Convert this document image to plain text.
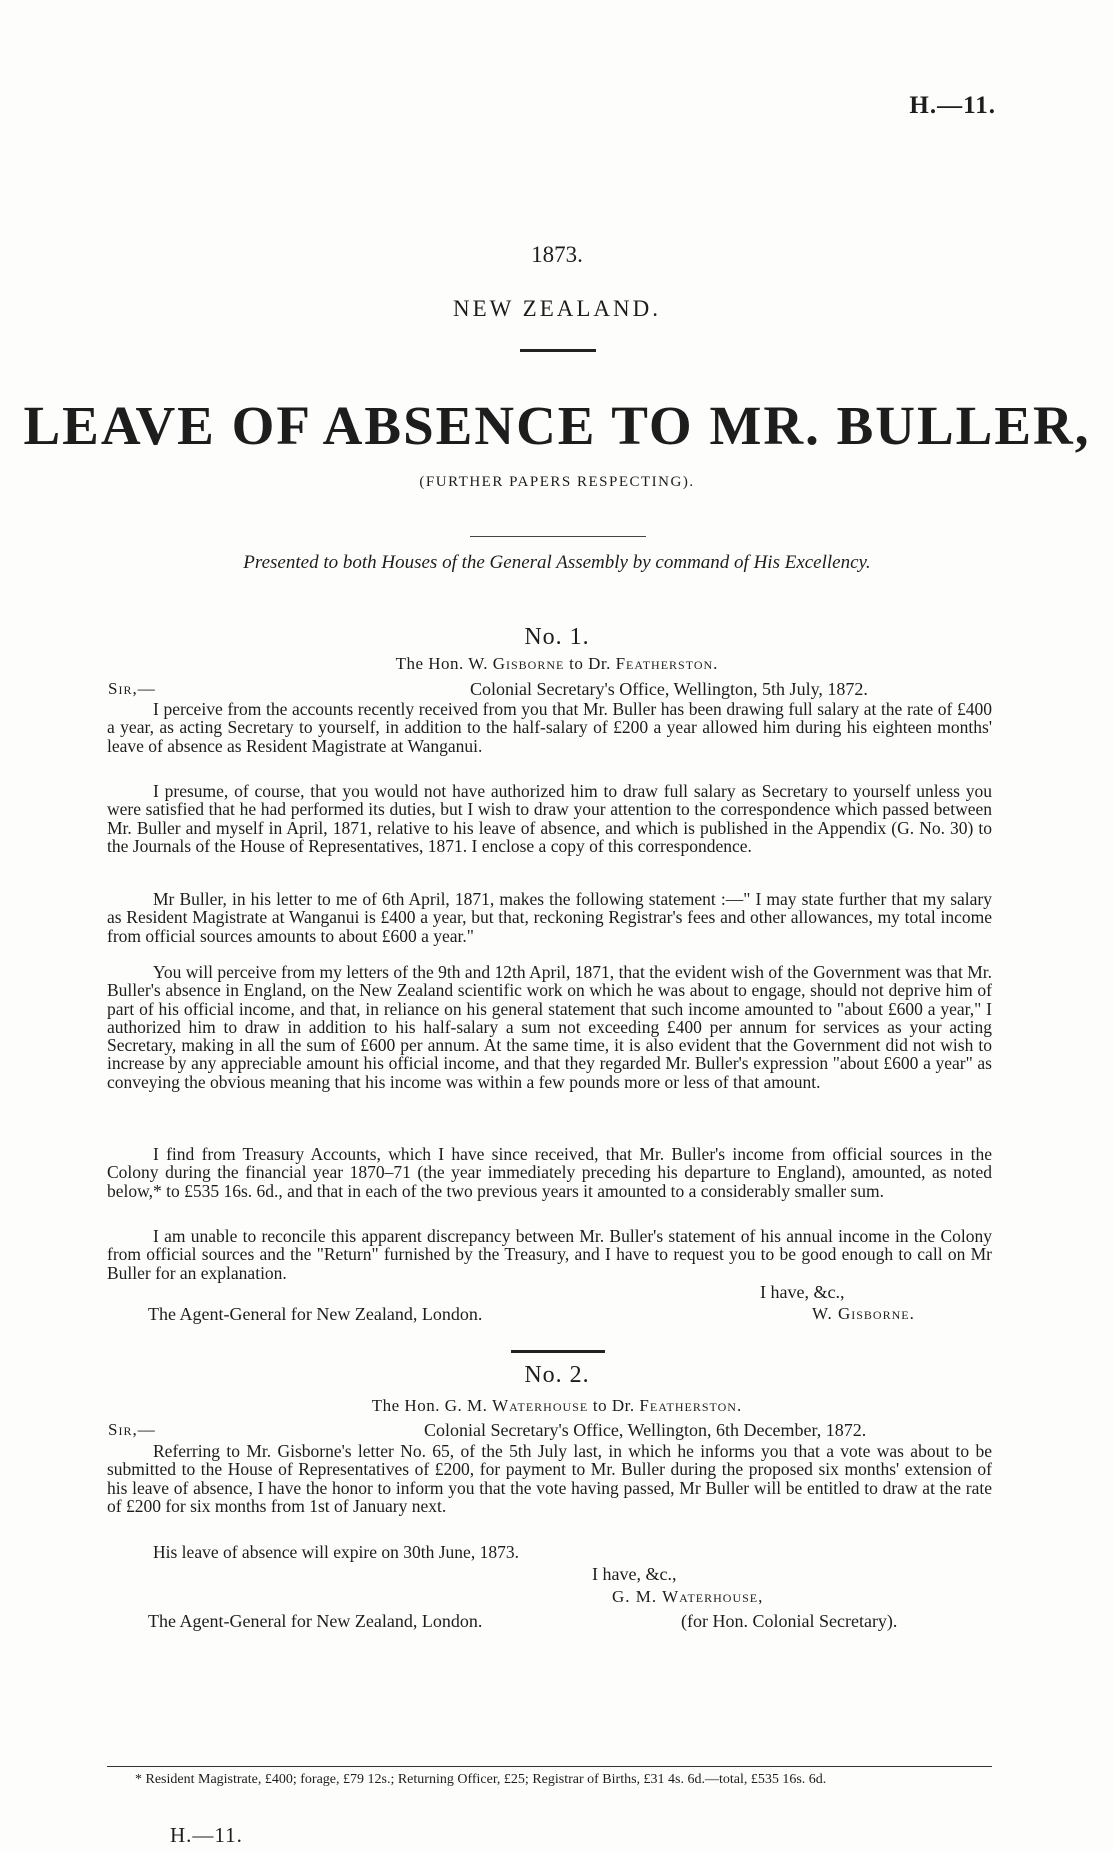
H.—11.
1873.
NEW ZEALAND.
LEAVE OF ABSENCE TO MR. BULLER,
(FURTHER PAPERS RESPECTING).
Presented to both Houses of the General Assembly by command of His Excellency.
No. 1.
The Hon. W. Gisborne to Dr. Featherston.
Sir,—	Colonial Secretary's Office, Wellington, 5th July, 1872.

I perceive from the accounts recently received from you that Mr. Buller has been drawing full salary at the rate of £400 a year, as acting Secretary to yourself, in addition to the half-salary of £200 a year allowed him during his eighteen months' leave of absence as Resident Magistrate at Wanganui.

I presume, of course, that you would not have authorized him to draw full salary as Secretary to yourself unless you were satisfied that he had performed its duties, but I wish to draw your attention to the correspondence which passed between Mr. Buller and myself in April, 1871, relative to his leave of absence, and which is published in the Appendix (G. No. 30) to the Journals of the House of Representatives, 1871. I enclose a copy of this correspondence.

Mr Buller, in his letter to me of 6th April, 1871, makes the following statement :—" I may state further that my salary as Resident Magistrate at Wanganui is £400 a year, but that, reckoning Registrar's fees and other allowances, my total income from official sources amounts to about £600 a year."

You will perceive from my letters of the 9th and 12th April, 1871, that the evident wish of the Government was that Mr. Buller's absence in England, on the New Zealand scientific work on which he was about to engage, should not deprive him of part of his official income, and that, in reliance on his general statement that such income amounted to "about £600 a year," I authorized him to draw in addition to his half-salary a sum not exceeding £400 per annum for services as your acting Secretary, making in all the sum of £600 per annum. At the same time, it is also evident that the Government did not wish to increase by any appreciable amount his official income, and that they regarded Mr. Buller's expression "about £600 a year" as conveying the obvious meaning that his income was within a few pounds more or less of that amount.

I find from Treasury Accounts, which I have since received, that Mr. Buller's income from official sources in the Colony during the financial year 1870–71 (the year immediately preceding his departure to England), amounted, as noted below,* to £535 16s. 6d., and that in each of the two previous years it amounted to a considerably smaller sum.

I am unable to reconcile this apparent discrepancy between Mr. Buller's statement of his annual income in the Colony from official sources and the "Return" furnished by the Treasury, and I have to request you to be good enough to call on Mr Buller for an explanation.

I have, &c.,
The Agent-General for New Zealand, London.	W. Gisborne.
No. 2.
The Hon. G. M. Waterhouse to Dr. Featherston.
Sir,—	Colonial Secretary's Office, Wellington, 6th December, 1872.

Referring to Mr. Gisborne's letter No. 65, of the 5th July last, in which he informs you that a vote was about to be submitted to the House of Representatives of £200, for payment to Mr. Buller during the proposed six months' extension of his leave of absence, I have the honor to inform you that the vote having passed, Mr Buller will be entitled to draw at the rate of £200 for six months from 1st of January next.

His leave of absence will expire on 30th June, 1873.

I have, &c.,
G. M. Waterhouse,
The Agent-General for New Zealand, London.	(for Hon. Colonial Secretary).

* Resident Magistrate, £400; forage, £79 12s.; Returning Officer, £25; Registrar of Births, £31 4s. 6d.—total, £535 16s. 6d.

H.—11.
